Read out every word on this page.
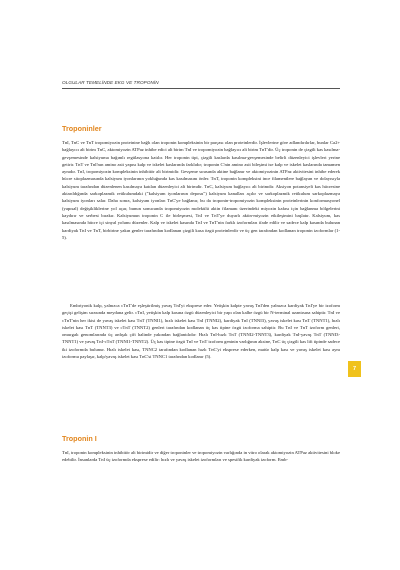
OLGULAR TEMELİNDE EKG VE TROPONİN
Troponinler

TnI, TnC ve TnT tropomiyozin proteinine bağlı olan troponin kompleksinin bir parçası olan proteinlerdir. İşlevlerine göre adlandırılırlar, bunlar Ca2+ bağlayıcı alt birim TnC, aktomiyozin ATPaz inhibe edici alt birim TnI ve tropomiyozin bağlayıcı alt birim TnT'dir. Üç troponin de çizgili kas kasılma-gevşemesinde kalsiyuma bağımlı regülasyona katılır. Her troponin tipi, çizgili kaslarda kasılma-gevşemesinde belirli düzenleyici işlevleri yerine getirir. TnT ve TnI'nın amino asit yapısı kalp ve iskelet kaslarında farklıdır; troponin C'nin amino asit bileşimi ise kalp ve iskelet kaslarında tamamen aynıdır. TnI, tropomiyozin kompleksinin inhibitör alt birimidir. Gevşeme sırasında aktine bağlanır ve aktomiyozinin ATPaz aktivitesini inhibe ederek hücre sitoplazmasında kalsiyum iyonlarının yokluğunda kas kasılmasını önler. TnT, troponin kompleksini ince filamentlere bağlayan ve dolayısıyla kalsiyum tarafından düzenlenen kasılmaya katılan düzenleyici alt birimdir. TnC, kalsiyum bağlayıcı alt birimdir. Aksiyon potansiyeli kas hücresine aktarıldığında sarkoplazmik retikulumdaki ("kalsiyum iyonlarının deposu") kalsiyum kanalları açılır ve sarkoplazmik retikulum sarkoplazmaya kalsiyum iyonları salar. Daha sonra, kalsiyum iyonları TnC'ye bağlanır, bu da troponin-tropomiyozin kompleksinin proteinlerinin konformasyonel (yapısal) değişikliklerine yol açar, bunun sonucunda tropomiyozin molekülü aktin filamanı üzerindeki miyozin kafası için bağlanma bölgelerini kaydırır ve serbest bırakır. Kalsiyumun troponin C ile birleşmesi, TnI ve TnT'ye duyarlı aktin-miyozin etkileşimini başlatır. Kalsiyum, kas kasılmasında hücre içi sinyal yolunu düzenler. Kalp ve iskelet kasında TnI ve TnT'nin farklı izoformları ifade edilir ve sadece kalp kasında bulunan kardiyak TnI ve TnT, birbirine yakın genler tarafından kodlanan çizgili kasa özgü proteinlerdir ve üç gen tarafından kodlanan troponin izoformlar (1-5).

Embriyonik kalp, yalnızca cTnT'de eşleştirilmiş yavaş TnI'yi eksprese eder. Yetişkin kalpte yavaş TnI'den yalnızca kardiyak TnI'ye bir izoform geçişi gelişim sırasında meydana gelir. cTnI, yetişkin kalp kasına özgü düzenleyici bir yapı olan kalbe özgü bir N-terminal uzantısına sahiptir. TnI ve cTnT'nin her ikisi de yavaş iskelet kası TnT (TNNI1), hızlı iskelet kası TnI (TNNI2), kardiyak TnI (TNNI3), yavaş iskelet kası TnT (TNNT1), hızlı iskelet kası TnT (TNNT3) ve cTnT (TNNT2) genleri tarafından kodlanan üç kas tipine özgü izoforma sahiptir. Bu TnI ve TnT izoform genleri, omurgalı genomlarında üç ardışık çift halinde yakından bağlantılıdır: Hızlı TnI-hızlı TnT (TNNI2-TNNT3), kardiyak TnI-yavaş TnT (TNNI3- TNNT1) ve yavaş TnI-cTnT (TNNI1-TNNT2). Üç kas tipine özgü TnI ve TnT izoform geninin varlığının aksine, TnC üç çizgili kas lifi tipinde sadece iki izoformda bulunur. Hızlı iskelet kası, TNNC2 tarafından kodlanan hızlı TnC'yi eksprese ederken, matür kalp kası ve yavaş iskelet kası aynı izoformu paylaşır, kalp/yavaş iskelet kası TnC'si TNNC1 tarafından kodlanır (5).

Troponin I

TnI, troponin kompleksinin inhibitör alt birimidir ve diğer troponinler ve tropomiyozin varlığında in vitro olarak aktomiyozin ATPaz aktivitesini bloke edebilir. İnsanlarda TnI üç izoformda eksprese edilir: hızlı ve yavaş iskelet izoformları ve spesifik kardiyak izoform. Emb-

7
